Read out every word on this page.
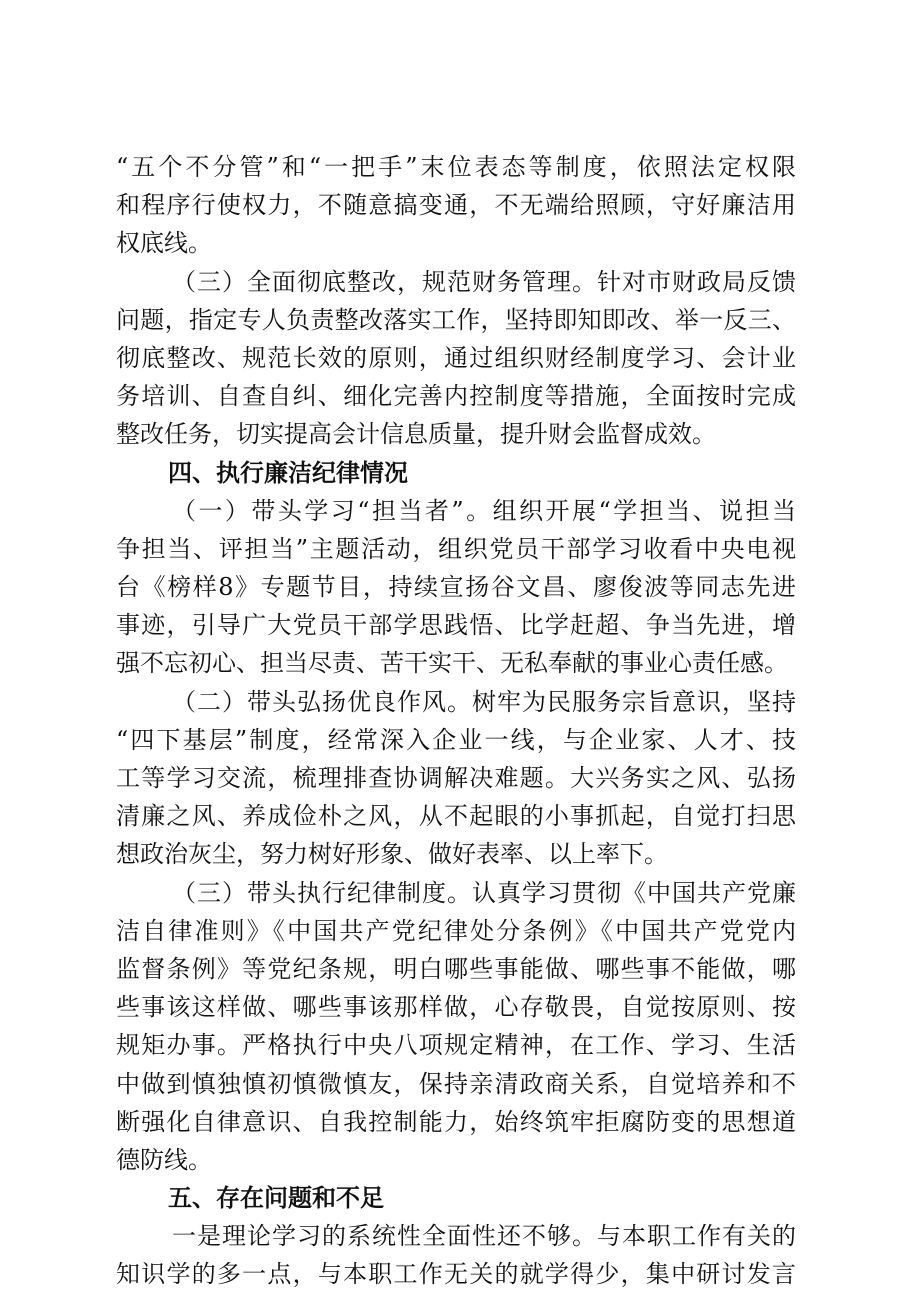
“五个不分管”和“一把手”末位表态等制度，依照法定权限
和程序行使权力，不随意搞变通，不无端给照顾，守好廉洁用
权底线。
（三）全面彻底整改，规范财务管理。针对市财政局反馈
问题，指定专人负责整改落实工作，坚持即知即改、举一反三、
彻底整改、规范长效的原则，通过组织财经制度学习、会计业
务培训、自查自纠、细化完善内控制度等措施，全面按时完成
整改任务，切实提高会计信息质量，提升财会监督成效。
四、执行廉洁纪律情况
（一）带头学习“担当者”。组织开展“学担当、说担当
争担当、评担当”主题活动，组织党员干部学习收看中央电视
台《榜样8》专题节目，持续宣扬谷文昌、廖俊波等同志先进
事迹，引导广大党员干部学思践悟、比学赶超、争当先进，增
强不忘初心、担当尽责、苦干实干、无私奉献的事业心责任感。
（二）带头弘扬优良作风。树牢为民服务宗旨意识，坚持
“四下基层”制度，经常深入企业一线，与企业家、人才、技
工等学习交流，梳理排查协调解决难题。大兴务实之风、弘扬
清廉之风、养成俭朴之风，从不起眼的小事抓起，自觉打扫思
想政治灰尘，努力树好形象、做好表率、以上率下。
（三）带头执行纪律制度。认真学习贯彻《中国共产党廉
洁自律准则》《中国共产党纪律处分条例》《中国共产党党内
监督条例》等党纪条规，明白哪些事能做、哪些事不能做，哪
些事该这样做、哪些事该那样做，心存敬畏，自觉按原则、按
规矩办事。严格执行中央八项规定精神，在工作、学习、生活
中做到慎独慎初慎微慎友，保持亲清政商关系，自觉培养和不
断强化自律意识、自我控制能力，始终筑牢拒腐防变的思想道
德防线。
五、存在问题和不足
一是理论学习的系统性全面性还不够。与本职工作有关的
知识学的多一点，与本职工作无关的就学得少，集中研讨发言
